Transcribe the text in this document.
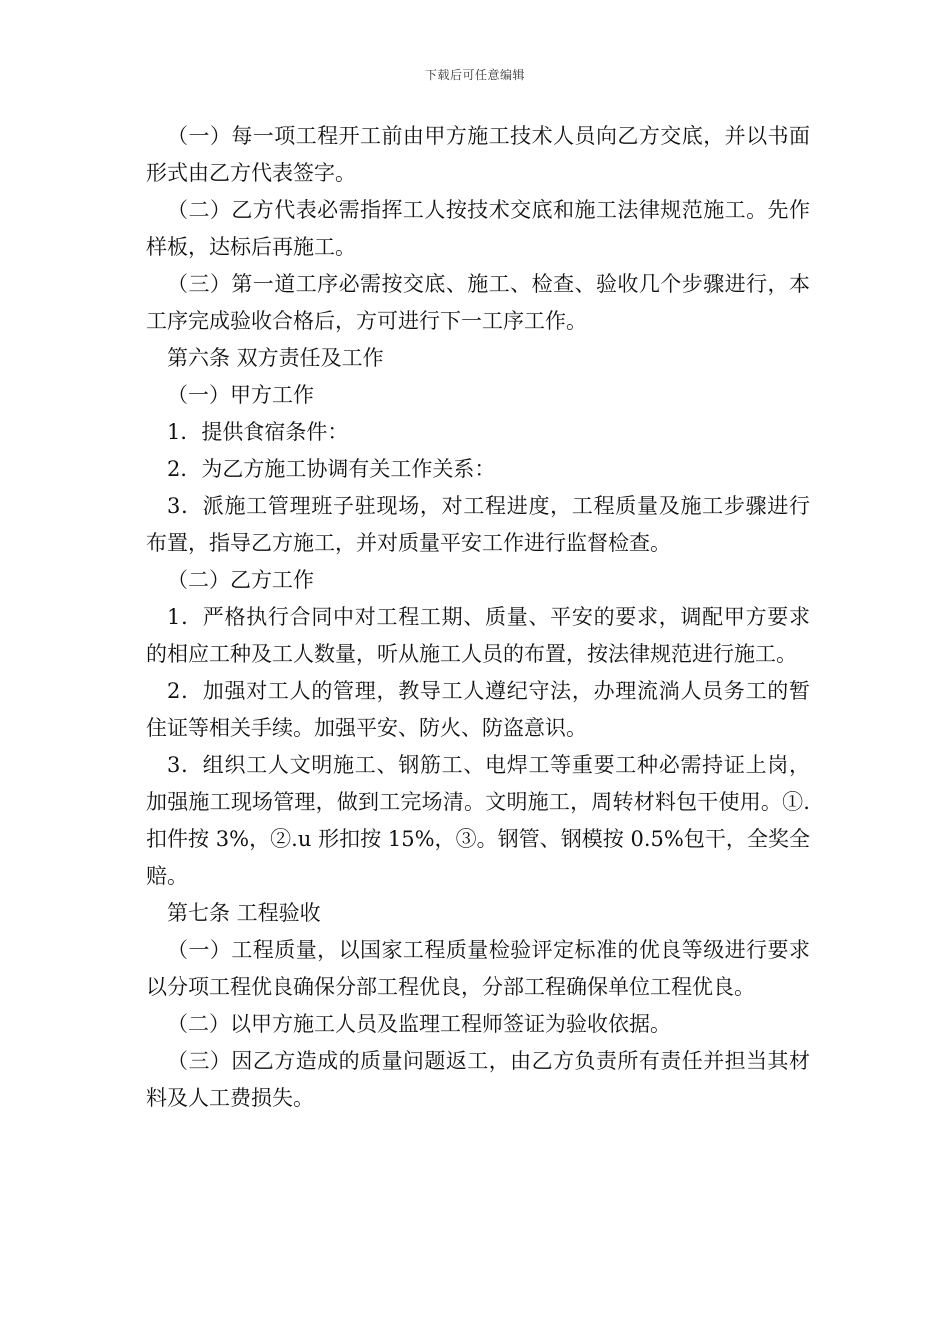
下载后可任意编辑

（一）每一项工程开工前由甲方施工技术人员向乙方交底，并以书面形式由乙方代表签字。

（二）乙方代表必需指挥工人按技术交底和施工法律规范施工。先作样板，达标后再施工。

（三）第一道工序必需按交底、施工、检查、验收几个步骤进行，本工序完成验收合格后，方可进行下一工序工作。

第六条 双方责任及工作

（一）甲方工作

1．提供食宿条件：

2．为乙方施工协调有关工作关系：

3．派施工管理班子驻现场，对工程进度，工程质量及施工步骤进行布置，指导乙方施工，并对质量平安工作进行监督检查。

（二）乙方工作

1．严格执行合同中对工程工期、质量、平安的要求，调配甲方要求的相应工种及工人数量，听从施工人员的布置，按法律规范进行施工。

2．加强对工人的管理，教导工人遵纪守法，办理流淌人员务工的暂住证等相关手续。加强平安、防火、防盗意识。

3．组织工人文明施工、钢筋工、电焊工等重要工种必需持证上岗，加强施工现场管理，做到工完场清。文明施工，周转材料包干使用。①.扣件按 3%，②.u 形扣按 15%，③。钢管、钢模按 0.5%包干，全奖全赔。

第七条 工程验收

（一）工程质量，以国家工程质量检验评定标准的优良等级进行要求以分项工程优良确保分部工程优良，分部工程确保单位工程优良。

（二）以甲方施工人员及监理工程师签证为验收依据。

（三）因乙方造成的质量问题返工，由乙方负责所有责任并担当其材料及人工费损失。
